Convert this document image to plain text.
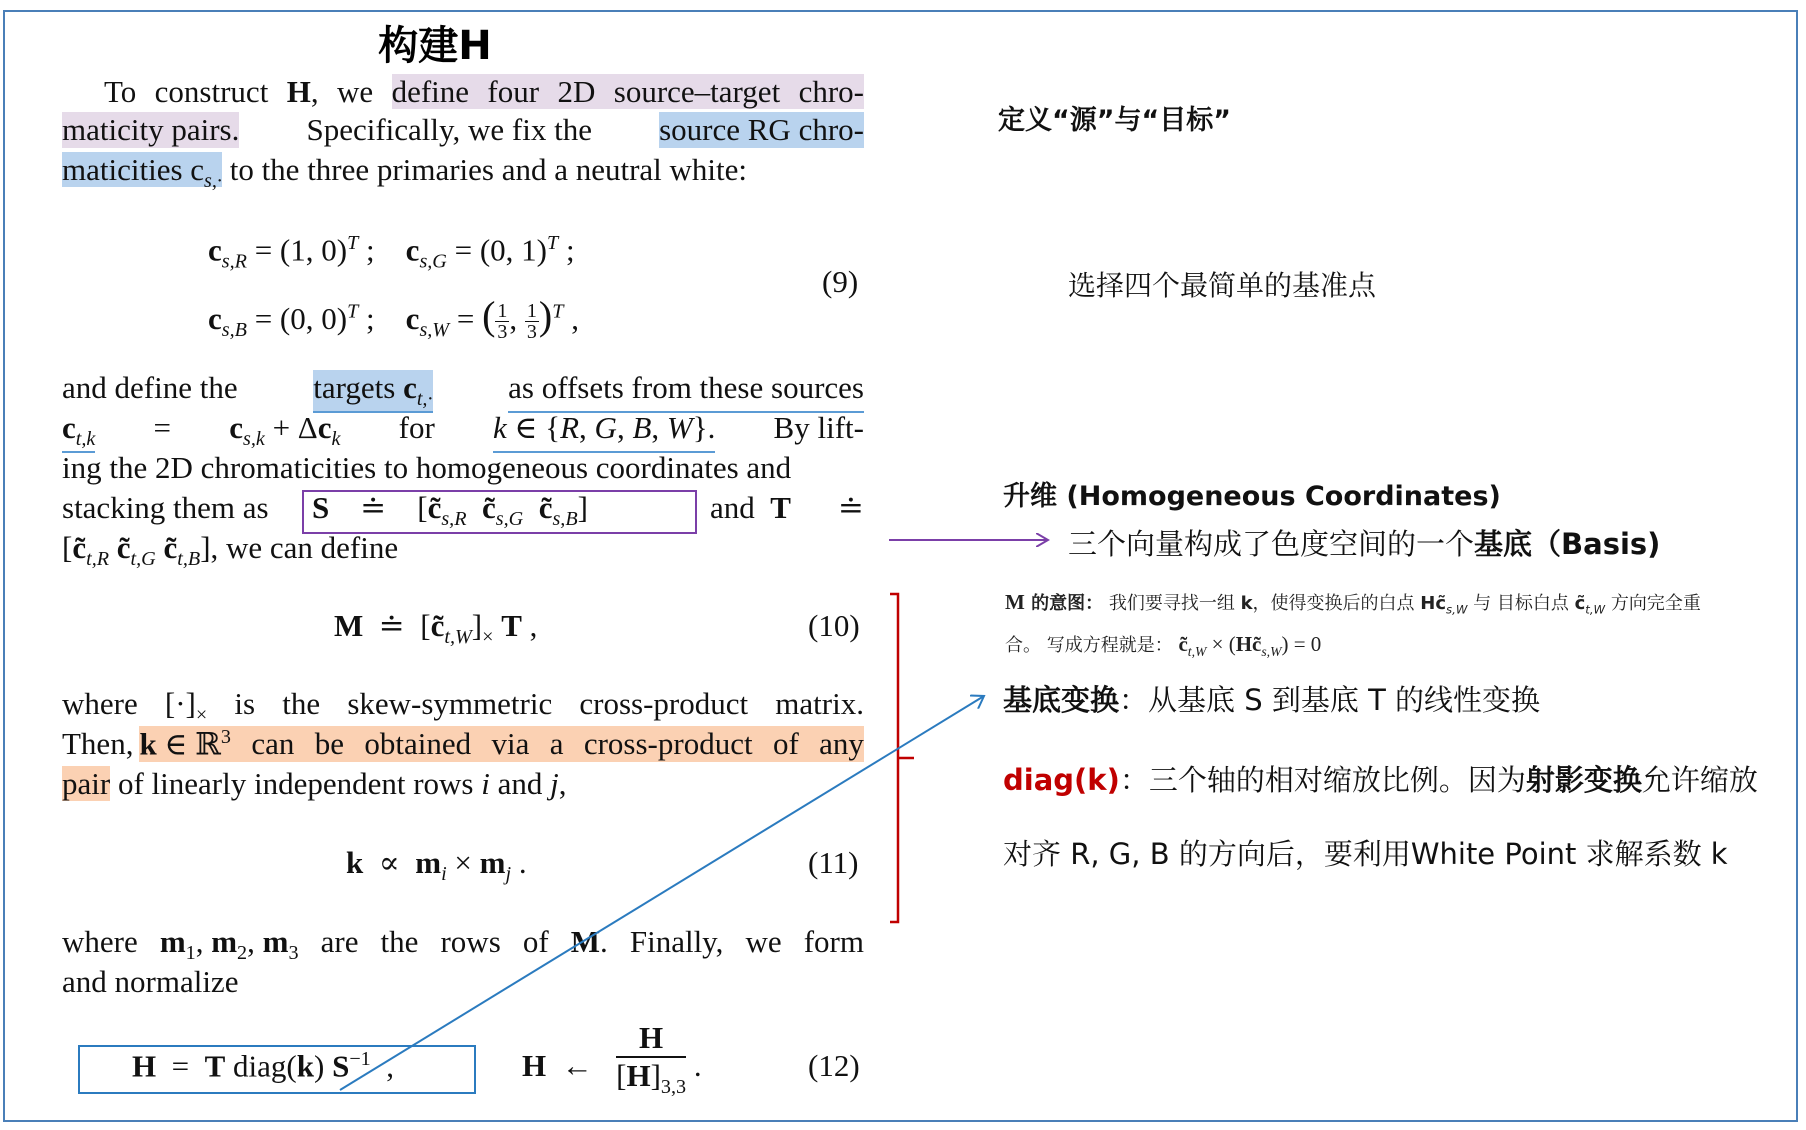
构建H
To construct H, we define four 2D source–target chro-
maticity pairs. Specifically, we fix the source RG chro-
maticities $c_{s,\cdot}$ to the three primaries and a neutral white:
$c_{s,R} = (1$, 0)$^T$ ;    $c_{s,G} = (0$, 1)$^T$ ;
$c_{s,B} = (0$, 0)$^T$ ;    $c_{s,W}$ = ( $\frac{1}{3}$ , $\frac{1}{3} )^T$ ,
(9)
and define the targets $c_{t,\cdot}$ as offsets from these sources
$c_{t,k} = c_{s,k} + \Delta c_k$ for k ∈ {R, G, B, W}. By lift-
ing the 2D chromaticities to homogeneous coordinates and
stacking them as S    ≐    [$c̃_{s,R}$ $c̃_{s,G}$ $c̃_{s,B}$]	and  T ≐
[$c̃_{t,R}$ $c̃_{t,G}$ $c̃_{t,B}$], we can define
M  ≐  $[c̃_{t,W}]_\times$ T ,	(10)
where $[\cdot]_\times$ is the skew-symmetric cross-product matrix.
Then, k ∈ ℝ$^3$ can be obtained via a cross-product of any
pair of linearly independent rows i and j,
$k \propto m_i \times m_j$ .	(11)
where $m_1$, $m_2$, $m_3$ are the rows of M. Finally, we form
and normalize
H  =  T diag(k) $S^{-1}$  ,	H  ← $\frac{H}{[H]_{3,3}}$ .	(12)
定义“源”与“目标”
选择四个最简单的基准点
升维 (Homogeneous Coordinates)
三个向量构成了色度空间的一个基底（Basis)
M 的意图： 我们要寻找一组 k，使得变换后的白点 $Hc̃_{s,W}$ 与 目标白点 $c̃_{t,W}$ 方向完全重
合。 写成方程就是： $c̃_{t,W}$ × $(Hc̃_{s,W}) = 0$
基底变换：从基底 S 到基底 T 的线性变换
diag(k)：三个轴的相对缩放比例。因为射影变换允许缩放
对齐 R, G, B 的方向后，要利用White Point 求解系数 k
